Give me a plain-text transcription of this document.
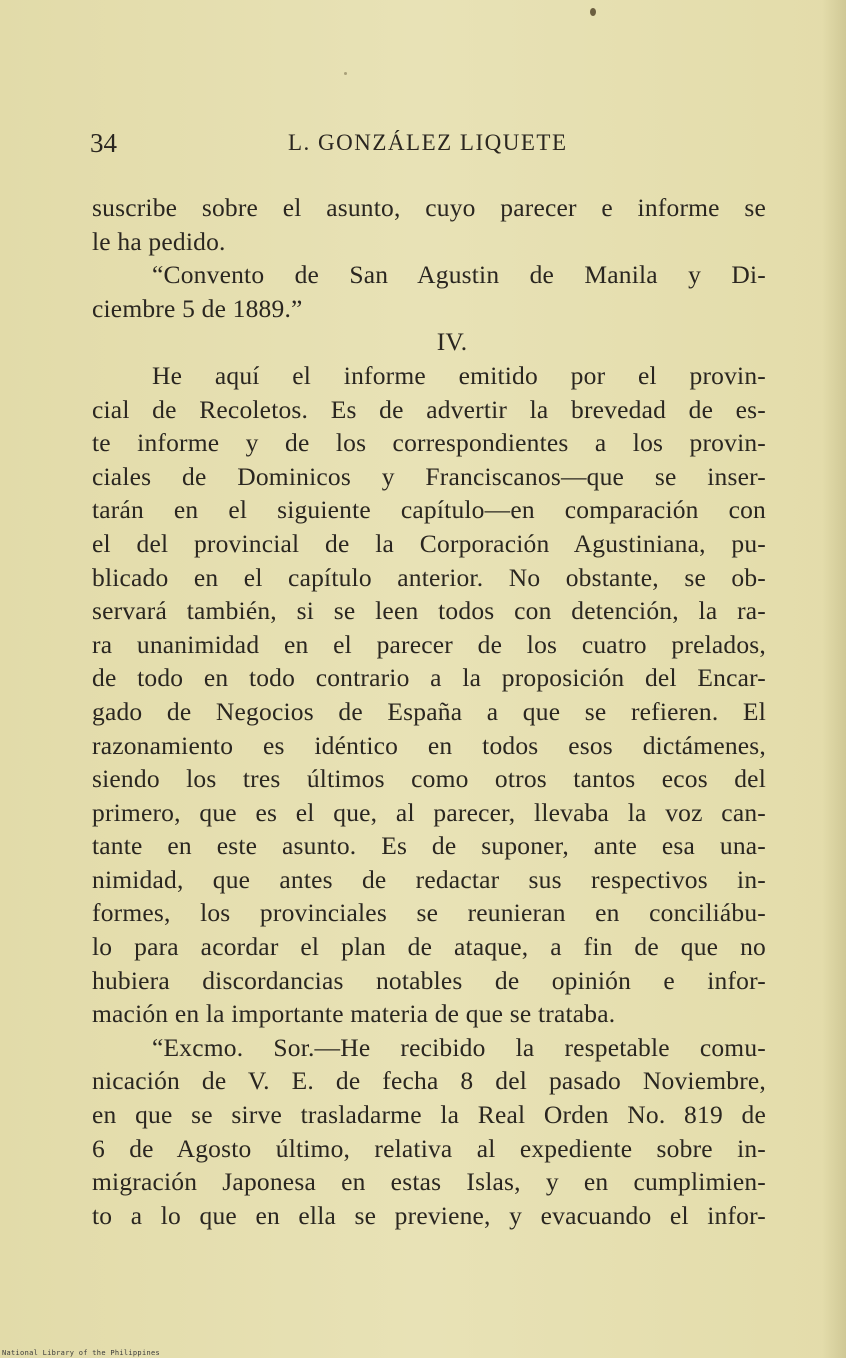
34	L. GONZÁLEZ LIQUETE
suscribe sobre el asunto, cuyo parecer e informe se
le ha pedido.
“Convento de San Agustin de Manila y Di-
ciembre 5 de 1889.”
IV.
He aquí el informe emitido por el provin-
cial de Recoletos. Es de advertir la brevedad de es-
te informe y de los correspondientes a los provin-
ciales de Dominicos y Franciscanos—que se inser-
tarán en el siguiente capítulo—en comparación con
el del provincial de la Corporación Agustiniana, pu-
blicado en el capítulo anterior. No obstante, se ob-
servará también, si se leen todos con detención, la ra-
ra unanimidad en el parecer de los cuatro prelados,
de todo en todo contrario a la proposición del Encar-
gado de Negocios de España a que se refieren. El
razonamiento es idéntico en todos esos dictámenes,
siendo los tres últimos como otros tantos ecos del
primero, que es el que, al parecer, llevaba la voz can-
tante en este asunto. Es de suponer, ante esa una-
nimidad, que antes de redactar sus respectivos in-
formes, los provinciales se reunieran en conciliábu-
lo para acordar el plan de ataque, a fin de que no
hubiera discordancias notables de opinión e infor-
mación en la importante materia de que se trataba.
“Excmo. Sor.—He recibido la respetable comu-
nicación de V. E. de fecha 8 del pasado Noviembre,
en que se sirve trasladarme la Real Orden No. 819 de
6 de Agosto último, relativa al expediente sobre in-
migración Japonesa en estas Islas, y en cumplimien-
to a lo que en ella se previene, y evacuando el infor-
National Library of the Philippines
